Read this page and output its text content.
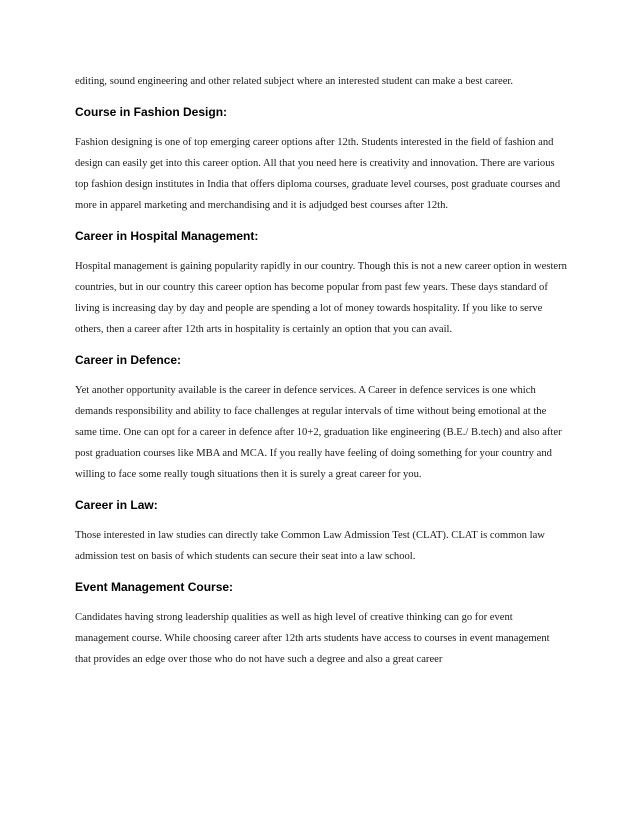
editing, sound engineering and other related subject where an interested student can make a best career.

Course in Fashion Design:

Fashion designing is one of top emerging career options after 12th. Students interested in the field of fashion and design can easily get into this career option. All that you need here is creativity and innovation. There are various top fashion design institutes in India that offers diploma courses, graduate level courses, post graduate courses and more in apparel marketing and merchandising and it is adjudged best courses after 12th.

Career in Hospital Management:

Hospital management is gaining popularity rapidly in our country. Though this is not a new career option in western countries, but in our country this career option has become popular from past few years. These days standard of living is increasing day by day and people are spending a lot of money towards hospitality. If you like to serve others, then a career after 12th arts in hospitality is certainly an option that you can avail.

Career in Defence:

Yet another opportunity available is the career in defence services. A Career in defence services is one which demands responsibility and ability to face challenges at regular intervals of time without being emotional at the same time. One can opt for a career in defence after 10+2, graduation like engineering (B.E./ B.tech) and also after post graduation courses like MBA and MCA. If you really have feeling of doing something for your country and willing to face some really tough situations then it is surely a great career for you.

Career in Law:

Those interested in law studies can directly take Common Law Admission Test (CLAT). CLAT is common law admission test on basis of which students can secure their seat into a law school.

Event Management Course:

Candidates having strong leadership qualities as well as high level of creative thinking can go for event management course. While choosing career after 12th arts students have access to courses in event management that provides an edge over those who do not have such a degree and also a great career
